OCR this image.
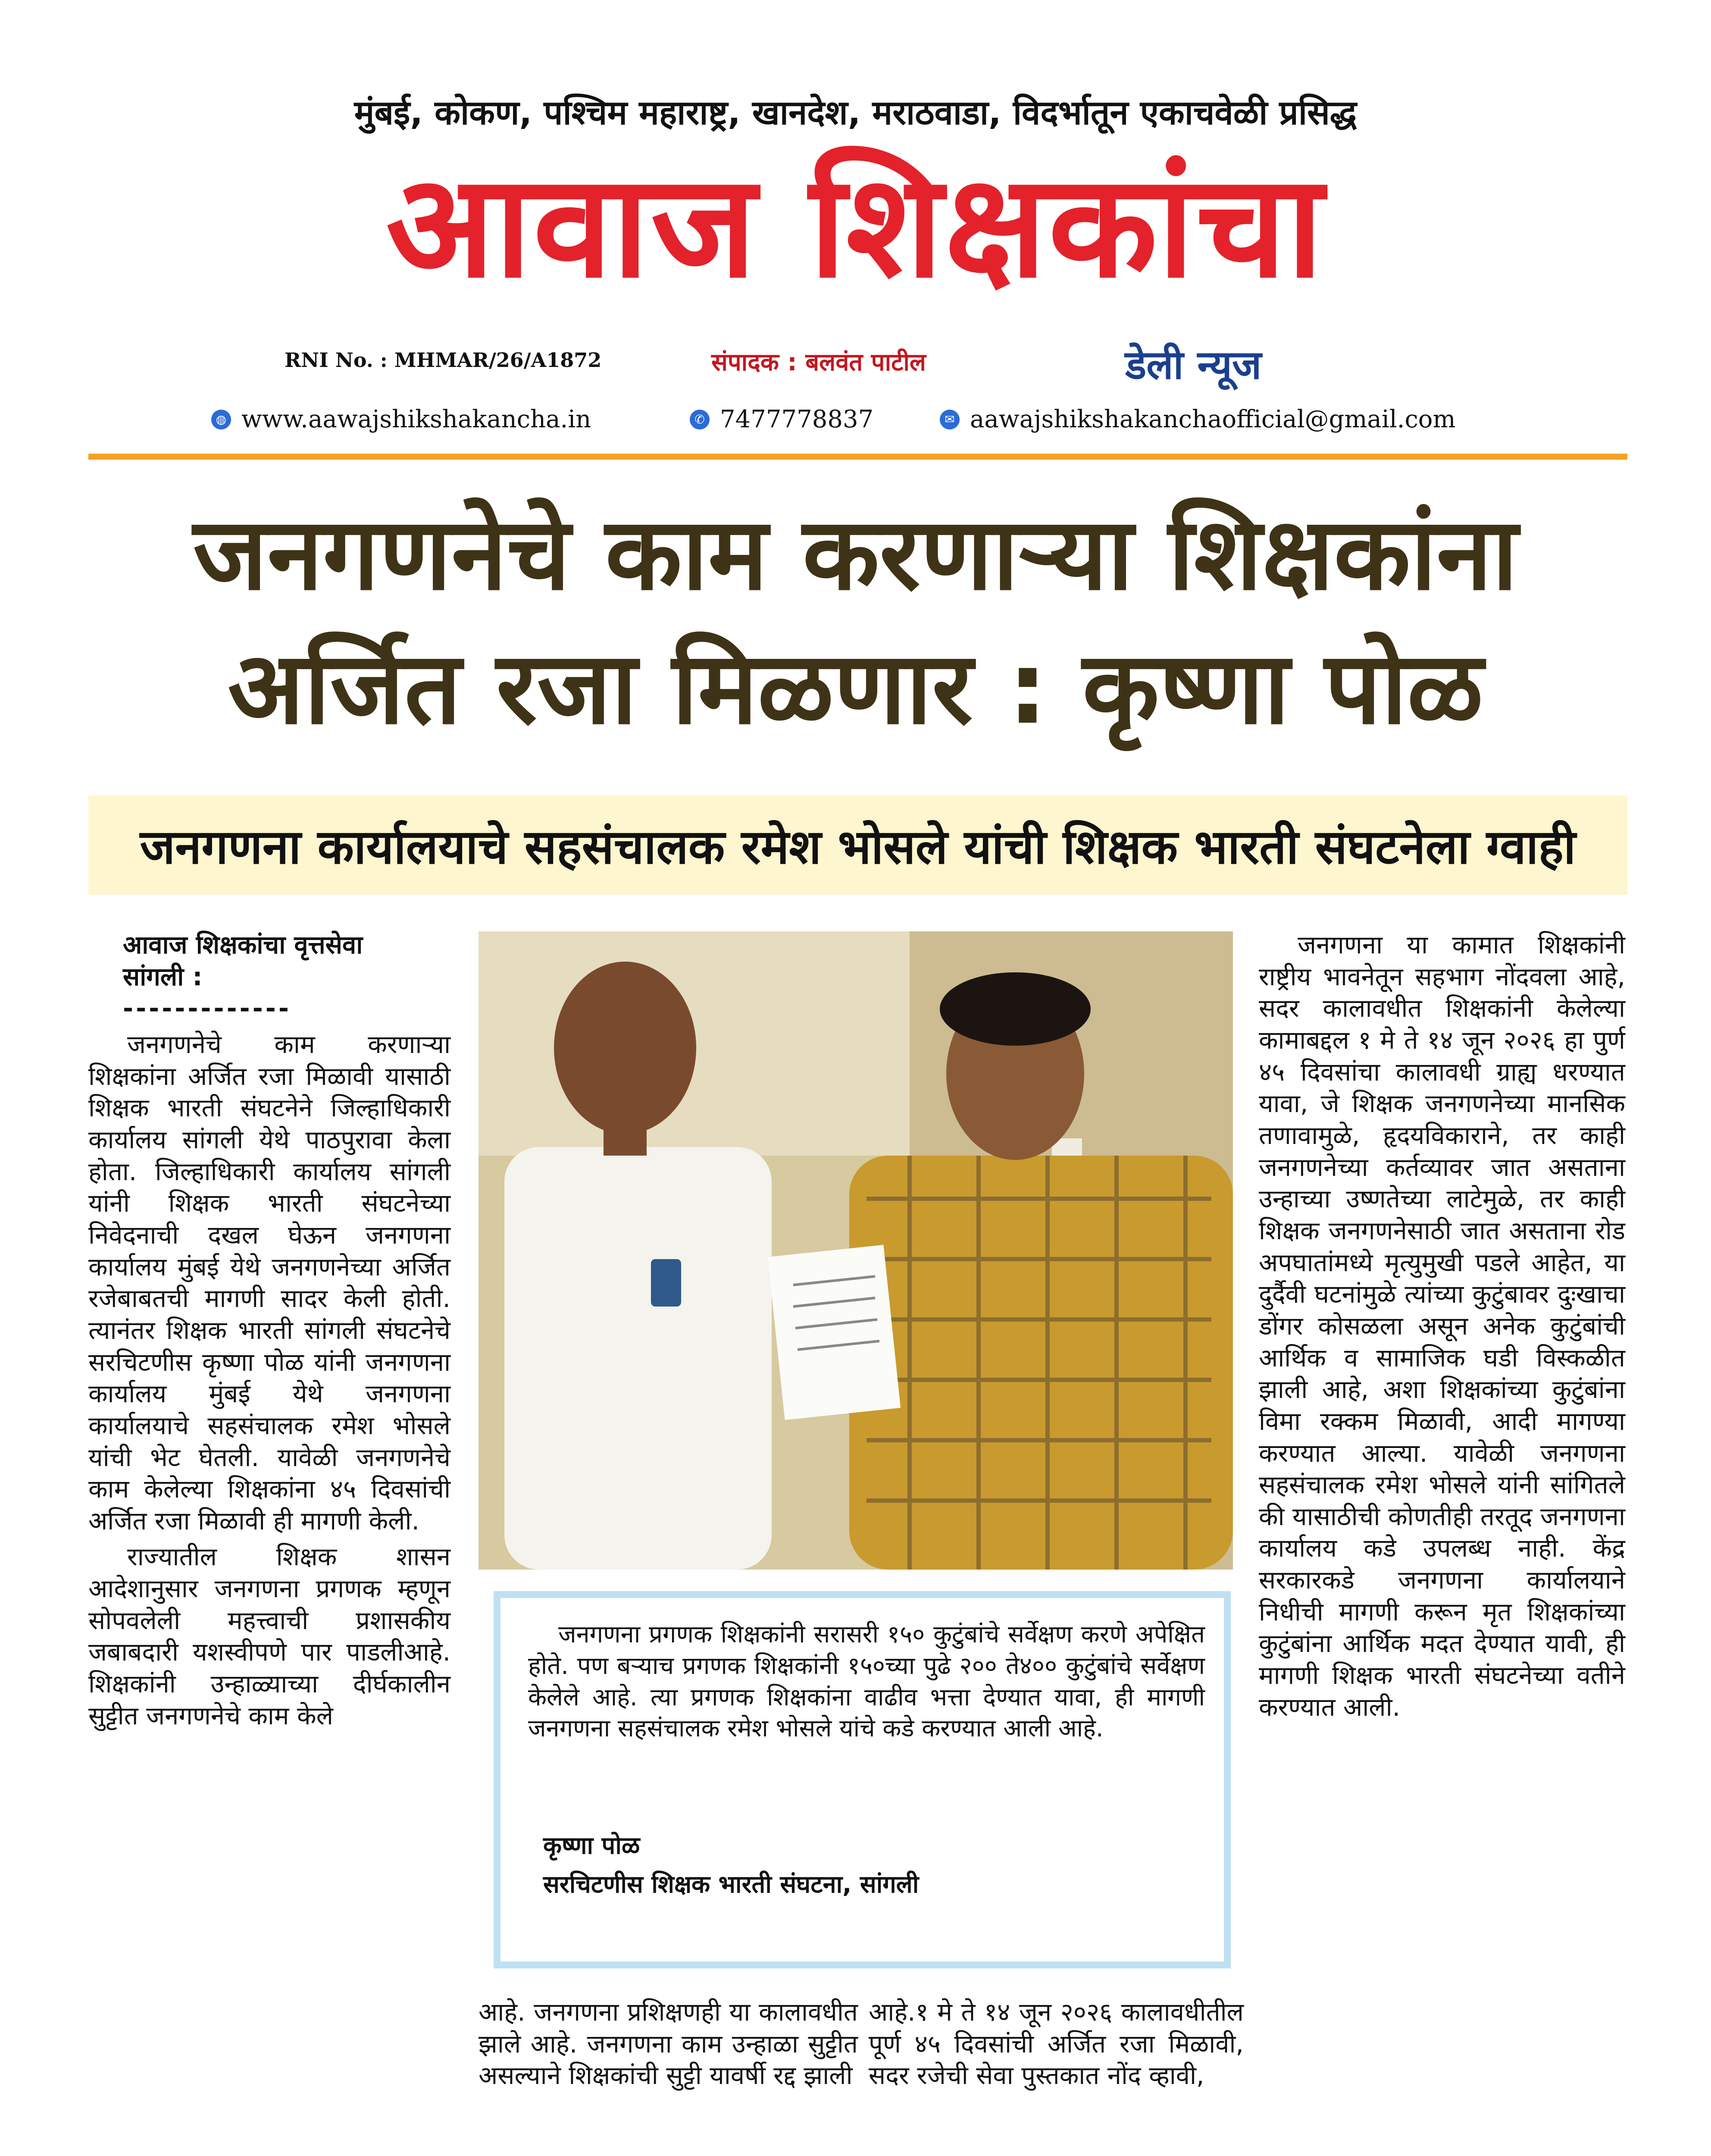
मुंबई, कोकण, पश्चिम महाराष्ट्र, खानदेश, मराठवाडा, विदर्भातून एकाचवेळी प्रसिद्ध
आवाज शिक्षकांचा
RNI No. : MHMAR/26/A1872	संपादक : बलवंत पाटील	डेली न्यूज
◍ www.aawajshikshakancha.in	✆ 7477778837	✉ aawajshikshakanchaofficial@gmail.com
जनगणनेचे काम करणाऱ्या शिक्षकांना
अर्जित रजा मिळणार : कृष्णा पोळ
जनगणना कार्यालयाचे सहसंचालक रमेश भोसले यांची शिक्षक भारती संघटनेला ग्वाही
आवाज शिक्षकांचा वृत्तसेवा
सांगली :
-------------

जनगणनेचे काम करणाऱ्या शिक्षकांना अर्जित रजा मिळावी यासाठी शिक्षक भारती संघटनेने जिल्हाधिकारी कार्यालय सांगली येथे पाठपुरावा केला होता. जिल्हाधिकारी कार्यालय सांगली यांनी शिक्षक भारती संघटनेच्या निवेदनाची दखल घेऊन जनगणना कार्यालय मुंबई येथे जनगणनेच्या अर्जित रजेबाबतची मागणी सादर केली होती. त्यानंतर शिक्षक भारती सांगली संघटनेचे सरचिटणीस कृष्णा पोळ यांनी जनगणना कार्यालय मुंबई येथे जनगणना कार्यालयाचे सहसंचालक रमेश भोसले यांची भेट घेतली. यावेळी जनगणनेचे काम केलेल्या शिक्षकांना ४५ दिवसांची अर्जित रजा मिळावी ही मागणी केली.

राज्यातील शिक्षक शासन आदेशानुसार जनगणना प्रगणक म्हणून सोपवलेली महत्त्वाची प्रशासकीय जबाबदारी यशस्वीपणे पार पाडलीआहे. शिक्षकांनी उन्हाळ्याच्या दीर्घकालीन सुट्टीत जनगणनेचे काम केले

जनगणना प्रगणक शिक्षकांनी सरासरी १५० कुटुंबांचे सर्वेक्षण करणे अपेक्षित होते. पण बऱ्याच प्रगणक शिक्षकांनी १५०च्या पुढे २०० ते४०० कुटुंबांचे सर्वेक्षण केलेले आहे. त्या प्रगणक शिक्षकांना वाढीव भत्ता देण्यात यावा, ही मागणी जनगणना सहसंचालक रमेश भोसले यांचे कडे करण्यात आली आहे.
कृष्णा पोळ
सरचिटणीस शिक्षक भारती संघटना, सांगली

आहे. जनगणना प्रशिक्षणही या कालावधीत झाले आहे. जनगणना काम उन्हाळा सुट्टीत असल्याने शिक्षकांची सुट्टी यावर्षी रद्द झाली

आहे.१ मे ते १४ जून २०२६ कालावधीतील पूर्ण ४५ दिवसांची अर्जित रजा मिळावी, सदर रजेची सेवा पुस्तकात नोंद व्हावी,

जनगणना या कामात शिक्षकांनी राष्ट्रीय भावनेतून सहभाग नोंदवला आहे, सदर कालावधीत शिक्षकांनी केलेल्या कामाबद्दल १ मे ते १४ जून २०२६ हा पुर्ण ४५ दिवसांचा कालावधी ग्राह्य धरण्यात यावा, जे शिक्षक जनगणनेच्या मानसिक तणावामुळे, हृदयविकाराने, तर काही जनगणनेच्या कर्तव्यावर जात असताना उन्हाच्या उष्णतेच्या लाटेमुळे, तर काही शिक्षक जनगणनेसाठी जात असताना रोड अपघातांमध्ये मृत्युमुखी पडले आहेत, या दुर्दैवी घटनांमुळे त्यांच्या कुटुंबावर दुःखाचा डोंगर कोसळला असून अनेक कुटुंबांची आर्थिक व सामाजिक घडी विस्कळीत झाली आहे, अशा शिक्षकांच्या कुटुंबांना विमा रक्कम मिळावी, आदी मागण्या करण्यात आल्या. यावेळी जनगणना सहसंचालक रमेश भोसले यांनी सांगितले की यासाठीची कोणतीही तरतूद जनगणना कार्यालय कडे उपलब्ध नाही. केंद्र सरकारकडे जनगणना कार्यालयाने निधीची मागणी करून मृत शिक्षकांच्या कुटुंबांना आर्थिक मदत देण्यात यावी, ही मागणी शिक्षक भारती संघटनेच्या वतीने करण्यात आली.
